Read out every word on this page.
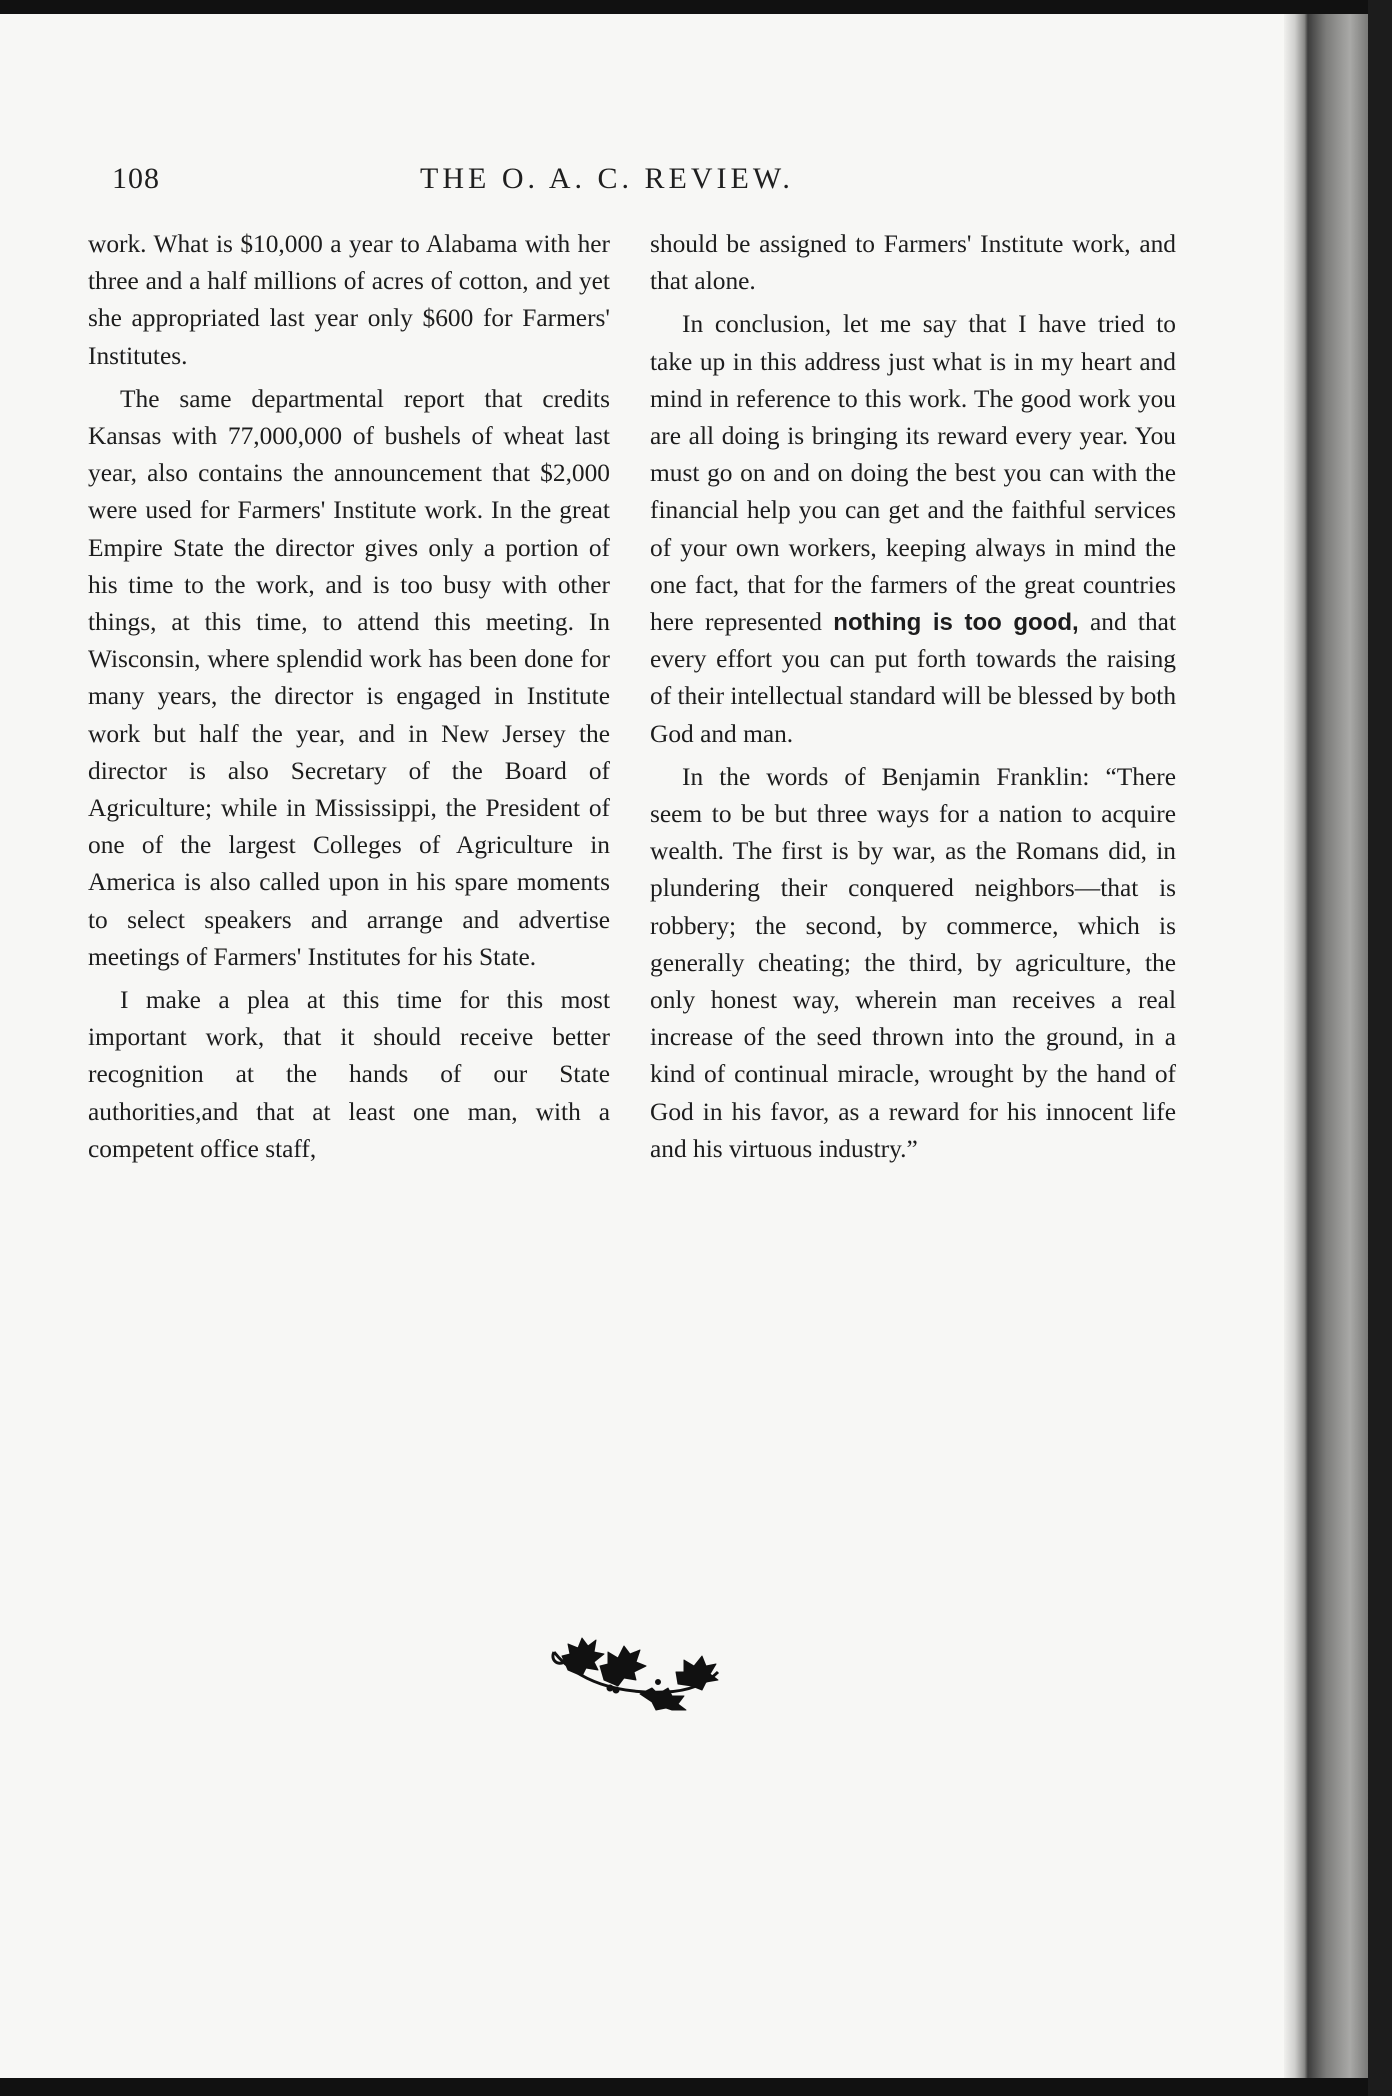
108	THE O. A. C. REVIEW.

work. What is $10,000 a year to Alabama with her three and a half millions of acres of cotton, and yet she appropriated last year only $600 for Farmers' Institutes.

The same departmental report that credits Kansas with 77,000,000 of bushels of wheat last year, also contains the announcement that $2,000 were used for Farmers' Institute work. In the great Empire State the director gives only a portion of his time to the work, and is too busy with other things, at this time, to attend this meeting. In Wisconsin, where splendid work has been done for many years, the director is engaged in Institute work but half the year, and in New Jersey the director is also Secretary of the Board of Agriculture; while in Mississippi, the President of one of the largest Colleges of Agriculture in America is also called upon in his spare moments to select speakers and arrange and advertise meetings of Farmers' Institutes for his State.

I make a plea at this time for this most important work, that it should receive better recognition at the hands of our State authorities,and that at least one man, with a competent office staff,

should be assigned to Farmers' Institute work, and that alone.

In conclusion, let me say that I have tried to take up in this address just what is in my heart and mind in reference to this work. The good work you are all doing is bringing its reward every year. You must go on and on doing the best you can with the financial help you can get and the faithful services of your own workers, keeping always in mind the one fact, that for the farmers of the great countries here represented nothing is too good, and that every effort you can put forth towards the raising of their intellectual standard will be blessed by both God and man.

In the words of Benjamin Franklin: “There seem to be but three ways for a nation to acquire wealth. The first is by war, as the Romans did, in plundering their conquered neighbors—that is robbery; the second, by commerce, which is generally cheating; the third, by agriculture, the only honest way, wherein man receives a real increase of the seed thrown into the ground, in a kind of continual miracle, wrought by the hand of God in his favor, as a reward for his innocent life and his virtuous industry.”
